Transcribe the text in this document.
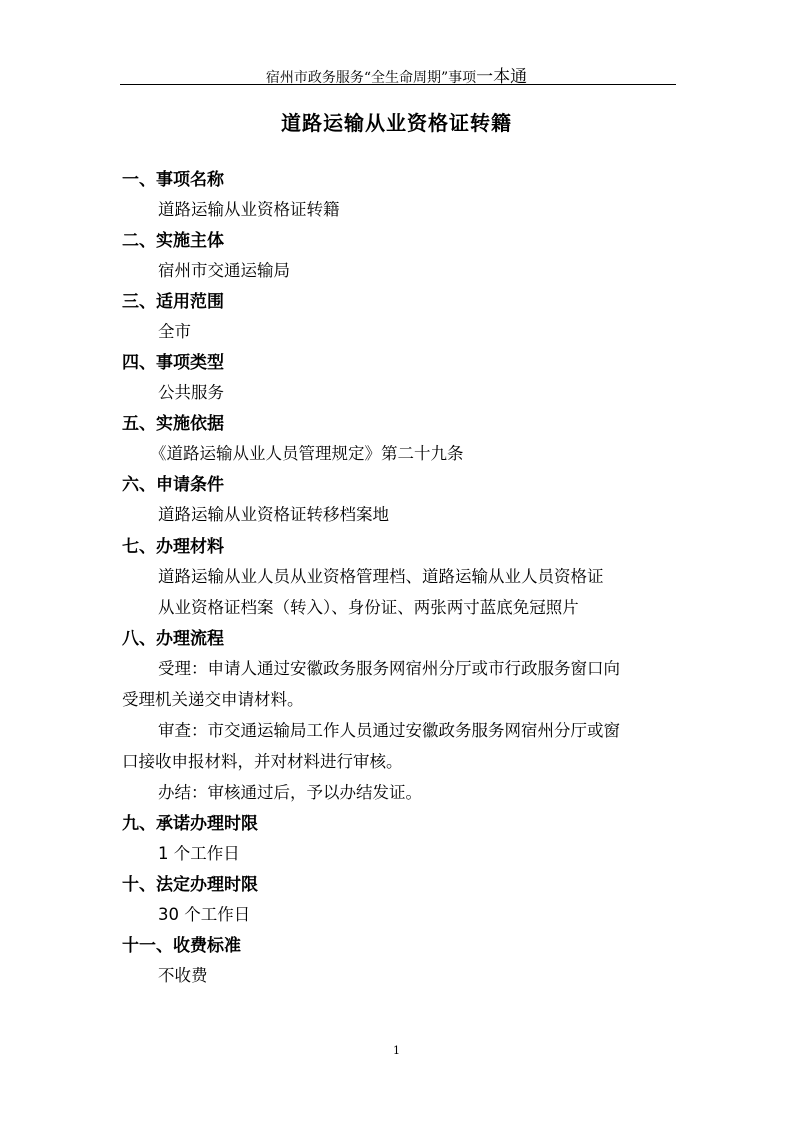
宿州市政务服务“全生命周期”事项一本通
道路运输从业资格证转籍
一、事项名称
道路运输从业资格证转籍
二、实施主体
宿州市交通运输局
三、适用范围
全市
四、事项类型
公共服务
五、实施依据
《道路运输从业人员管理规定》第二十九条
六、申请条件
道路运输从业资格证转移档案地
七、办理材料
道路运输从业人员从业资格管理档、道路运输从业人员资格证
从业资格证档案（转入）、身份证、两张两寸蓝底免冠照片
八、办理流程
受理：申请人通过安徽政务服务网宿州分厅或市行政服务窗口向
受理机关递交申请材料。
审查：市交通运输局工作人员通过安徽政务服务网宿州分厅或窗
口接收申报材料，并对材料进行审核。
办结：审核通过后，予以办结发证。
九、承诺办理时限
1 个工作日
十、法定办理时限
30 个工作日
十一、收费标准
不收费
1
